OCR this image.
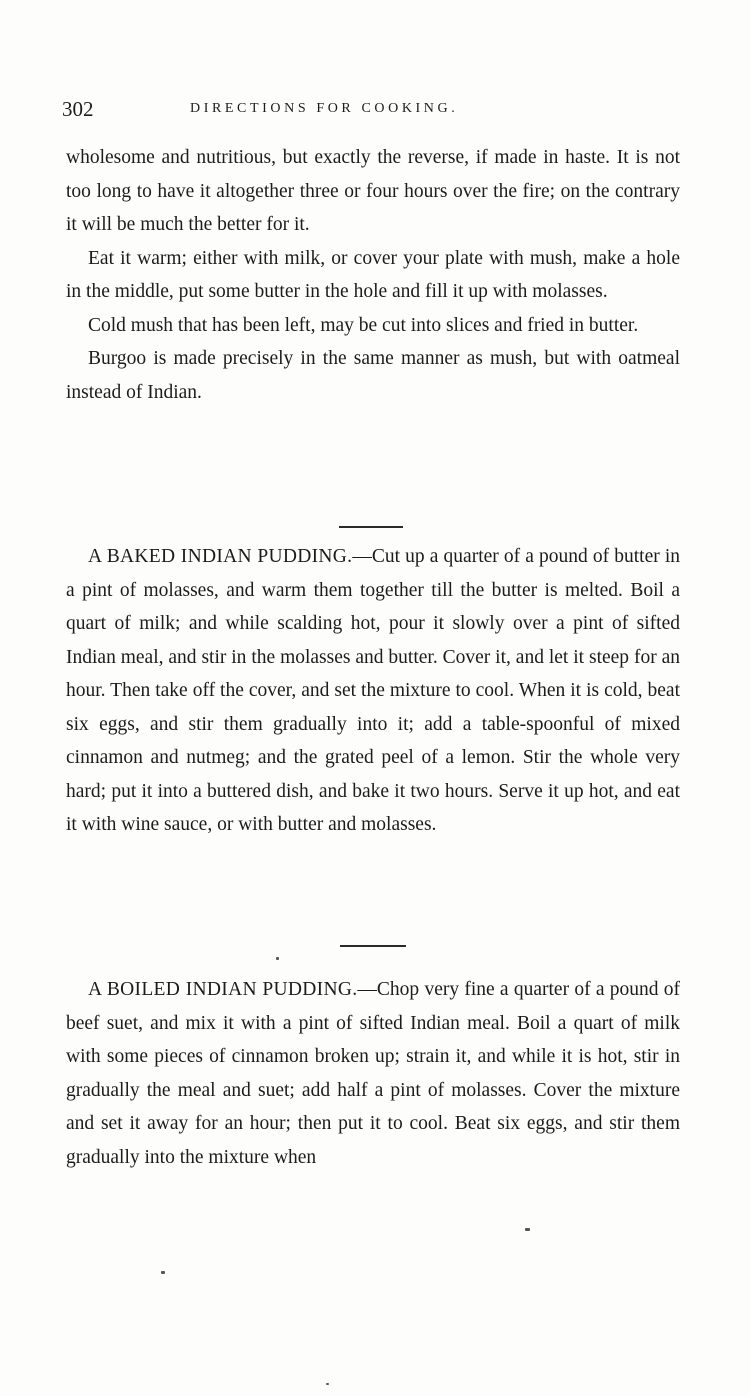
302	DIRECTIONS FOR COOKING.

wholesome and nutritious, but exactly the reverse, if made in haste. It is not too long to have it altogether three or four hours over the fire; on the contrary it will be much the better for it.

Eat it warm; either with milk, or cover your plate with mush, make a hole in the middle, put some butter in the hole and fill it up with molasses.

Cold mush that has been left, may be cut into slices and fried in butter.

Burgoo is made precisely in the same manner as mush, but with oatmeal instead of Indian.

A BAKED INDIAN PUDDING.—Cut up a quarter of a pound of butter in a pint of molasses, and warm them together till the butter is melted. Boil a quart of milk; and while scalding hot, pour it slowly over a pint of sifted Indian meal, and stir in the molasses and butter. Cover it, and let it steep for an hour. Then take off the cover, and set the mixture to cool. When it is cold, beat six eggs, and stir them gradually into it; add a table-spoonful of mixed cinnamon and nutmeg; and the grated peel of a lemon. Stir the whole very hard; put it into a buttered dish, and bake it two hours. Serve it up hot, and eat it with wine sauce, or with butter and molasses.

A BOILED INDIAN PUDDING.—Chop very fine a quarter of a pound of beef suet, and mix it with a pint of sifted Indian meal. Boil a quart of milk with some pieces of cinnamon broken up; strain it, and while it is hot, stir in gradually the meal and suet; add half a pint of molasses. Cover the mixture and set it away for an hour; then put it to cool. Beat six eggs, and stir them gradually into the mixture when
